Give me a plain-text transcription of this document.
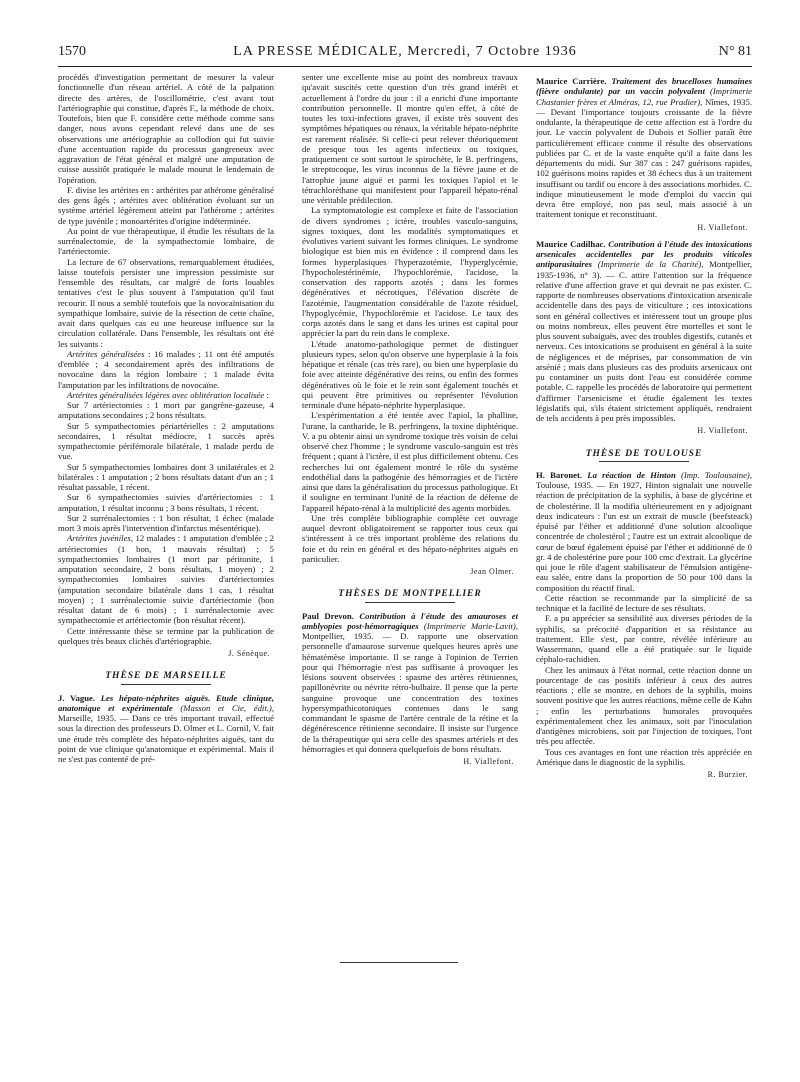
1570	LA PRESSE MÉDICALE, Mercredi, 7 Octobre 1936	N° 81

procédés d'investigation permettant de mesurer la valeur fonctionnelle d'un réseau artériel. A côté de la palpation directe des artères, de l'oscillométrie, c'est avant tout l'artériographie qui constitue, d'après F., la méthode de choix. Toutefois, bien que F. considère cette méthode comme sans danger, nous avons cependant relevé dans une de ses observations une artériographie au collodion qui fut suivie d'une accentuation rapide du processus gangreneux avec aggravation de l'état général et malgré une amputation de cuisse aussitôt pratiquée le malade mourut le lendemain de l'opération.

F. divise les artérites en : arthérites par athérome généralisé des gens âgés ; artérites avec oblitération évoluant sur un système artériel légèrement atteint par l'athérome ; artérites de type juvénile ; monoartérites d'origine indéterminée.

Au point de vue thérapeutique, il étudie les résultats de la surrénalectomie, de la sympathectomie lombaire, de l'artériectomie.

La lecture de 67 observations, remarquablement étudiées, laisse toutefois persister une impression pessimiste sur l'ensemble des résultats, car malgré de forts louables tentatives c'est le plus souvent à l'amputation qu'il faut recourir. Il nous a semblé toutefois que la novocaïnisation du sympathique lombaire, suivie de la résection de cette chaîne, avait dans quelques cas eu une heureuse influence sur la circulation collatérale. Dans l'ensemble, les résultats ont été les suivants :

Artérites généralisées : 16 malades ; 11 ont été amputés d'emblée ; 4 secondairement après des infiltrations de novocaïne dans la région lombaire ; 1 malade évita l'amputation par les infiltrations de novocaïne.

Artérites généralisées légères avec oblitération localisée :

Sur 7 artériectomies : 1 mort par gangrène-gazeuse, 4 amputations secondaires ; 2 bons résultats.

Sur 5 sympathectomies périartérielles : 2 amputations secondaires, 1 résultat médiocre, 1 succès après sympathectomie périfémorale bilatérale, 1 malade perdu de vue.

Sur 5 sympathectomies lombaires dont 3 unilatérales et 2 bilatérales : 1 amputation ; 2 bons résultats datant d'un an ; 1 résultat passable, 1 récent.

Sur 6 sympathectomies suivies d'artériectomies : 1 amputation, 1 résultat inconnu ; 3 bons résultats, 1 récent.

Sur 2 surrénalectomies : 1 bon résultat, 1 échec (malade mort 3 mois après l'intervention d'infarctus mésentérique).

Artérites juvéniles, 12 malades : 1 amputation d'emblée ; 2 artériectomies (1 bon, 1 mauvais résultat) ; 5 sympathectomies lombaires (1 mort par péritonite, 1 amputation secondaire, 2 bons résultats, 1 moyen) ; 2 sympathectomies lombaires suivies d'artériectomies (amputation secondaire bilatérale dans 1 cas, 1 résultat moyen) ; 1 surrénalectomie suivie d'artériectomie (bon résultat datant de 6 mois) ; 1 surrénalectomie avec sympathectomie et artériectomie (bon résultat récent).

Cette intéressante thèse se termine par la publication de quelques très beaux clichés d'artériographie.

J. Sénèque.
THÈSE DE MARSEILLE

J. Vague. Les hépato-néphrites aiguës. Etude clinique, anatomique et expérimentale (Masson et Cie, édit.), Marseille, 1935. — Dans ce très important travail, effectué sous la direction des professeurs D. Olmer et L. Cornil, V. fait une étude très complète des hépato-néphrites aiguës, tant du point de vue clinique qu'anatomique et expérimental. Mais il ne s'est pas contenté de pré-

senter une excellente mise au point des nombreux travaux qu'avait suscités cette question d'un très grand intérêt et actuellement à l'ordre du jour : il a enrichi d'une importante contribution personnelle. Il montre qu'en effet, à côté de toutes les toxi-infections graves, il existe très souvent des symptômes hépatiques ou rénaux, la véritable hépato-néphrite est rarement réalisée. Si celle-ci peut relever théoriquement de presque tous les agents infectieux ou toxiques, pratiquement ce sont surtout le spirochète, le B. perfringens, le streptocoque, les virus inconnus de la fièvre jaune et de l'atrophie jaune aiguë et parmi les toxiques l'apiol et le tétrachloréthane qui manifestent pour l'appareil hépato-rénal une véritable prédilection.

La symptomatologie est complexe et faite de l'association de divers syndromes ; ictère, troubles vasculo-sanguins, signes toxiques, dont les modalités symptomatiques et évolutives varient suivant les formes cliniques. Le syndrome biologique est bien mis en évidence : il comprend dans les formes hyperplasiques l'hyperazotémie, l'hyperglycémie, l'hypocholestérinémie, l'hypochlorémie, l'acidose, la conservation des rapports azotés ; dans les formes dégénératives et nécrotiques, l'élévation discrète de l'azotémie, l'augmentation considérable de l'azote résiduel, l'hypoglycémie, l'hypochlorémie et l'acidose. Le taux des corps azotés dans le sang et dans les urines est capital pour apprécier la part du rein dans le complexe.

L'étude anatomo-pathologique permet de distinguer plusieurs types, selon qu'on observe une hyperplasie à la fois hépatique et rénale (cas très rare), ou bien une hyperplasie du foie avec atteinte dégénérative des reins, ou enfin des formes dégénératives où le foie et le rein sont également touchés et qui peuvent être primitives ou représenter l'évolution terminale d'une hépato-néphrite hyperplasique.

L'expérimentation a été tentée avec l'apiol, la phalline, l'urane, la cantharide, le B. perfringens, la toxine diphtérique. V. a pu obtenir ainsi un syndrome toxique très voisin de celui observé chez l'homme ; le syndrome vasculo-sanguin est très fréquent ; quant à l'ictère, il est plus difficilement obtenu. Ces recherches lui ont également montré le rôle du système endothélial dans la pathogénie des hémorragies et de l'ictère ainsi que dans la généralisation du processus pathologique. Et il souligne en terminant l'unité de la réaction de défense de l'appareil hépato-rénal à la multiplicité des agents morbides.

Une très complète bibliographie complète cet ouvrage auquel devront obligatoirement se rapporter tous ceux qui s'intéressent à ce très important problème des relations du foie et du rein en général et des hépato-néphrites aiguës en particulier.

Jean Olmer.
THÈSES DE MONTPELLIER

Paul Drevon. Contribution à l'étude des amauroses et amblyopies post-hémorragiques (Imprimerie Marie-Lavit), Montpellier, 1935. — D. rapporte une observation personnelle d'amaurose survenue quelques heures après une hématémèse importante. Il se range à l'opinion de Terrien pour qui l'hémorragie n'est pas suffisante à provoquer les lésions souvent observées : spasme des artères rétiniennes, papillonévrite ou névrite rétro-bulbaire. Il pense que la perte sanguine provoque une concentration des toxines hypersympathicotoniques contenues dans le sang commandant le spasme de l'artère centrale de la rétine et la dégénérescence rétinienne secondaire. Il insiste sur l'urgence de la thérapeutique qui sera celle des spasmes artériels et des hémorragies et qui donnera quelquefois de bons résultats.

H. Viallefont.

Maurice Carrière. Traitement des brucelloses humaines (fièvre ondulante) par un vaccin polyvalent (Imprimerie Chastanier frères et Alméras, 12, rue Pradier), Nîmes, 1935. — Devant l'importance toujours croissante de la fièvre ondulante, la thérapeutique de cette affection est à l'ordre du jour. Le vaccin polyvalent de Dubois et Sollier paraît être particulièrement efficace comme il résulte des observations publiées par C. et de la vaste enquête qu'il a faite dans les départements du midi. Sur 387 cas : 247 guérisons rapides, 102 guérisons moins rapides et 38 échecs dus à un traitement insuffisant ou tardif ou encore à des associations morbides. C. indique minutieusement le mode d'emploi du vaccin qui devra être employé, non pas seul, mais associé à un traitement tonique et reconstituant.

H. Viallefont.

Maurice Cadilhac. Contribution à l'étude des intoxications arsenicales accidentelles par les produits viticoles antiparasitaires (Imprimerie de la Charité), Montpellier, 1935-1936, n° 3). — C. attire l'attention sur la fréquence relative d'une affection grave et qui devrait ne pas exister. C. rapporte de nombreuses observations d'intoxication arsenicale accidentelle dans des pays de viticulture ; ces intoxications sont en général collectives et intéressent tout un groupe plus ou moins nombreux, elles peuvent être mortelles et sont le plus souvent subaiguës, avec des troubles digestifs, cutanés et nerveux. Ces intoxications se produisent en général à la suite de négligences et de méprises, par consommation de vin arsénié ; mais dans plusieurs cas des produits arsenicaux ont pu contaminer un puits dont l'eau est considérée comme potable. C. rappelle les procédés de laboratoire qui permettent d'affirmer l'arsenicisme et étudie également les textes législatifs qui, s'ils étaient strictement appliqués, rendraient de tels accidents à peu près impossibles.

H. Viallefont.
THÈSE DE TOULOUSE

H. Baronet. La réaction de Hinton (Imp. Toulousaine), Toulouse, 1935. — En 1927, Hinton signalait une nouvelle réaction de précipitation de la syphilis, à base de glycérine et de cholestérine. Il la modifia ultérieurement en y adjoignant deux indicateurs : l'un est un extrait de muscle (beefsteack) épuisé par l'éther et additionné d'une solution alcoolique concentrée de cholestérol ; l'autre est un extrait alcoolique de cœur de bœuf également épuisé par l'éther et additionné de 0 gr. 4 de cholestérine pure pour 100 cmc d'extrait. La glycérine qui joue le rôle d'agent stabilisateur de l'émulsion antigène-eau salée, entre dans la proportion de 50 pour 100 dans la composition du réactif final.

Cette réaction se recommande par la simplicité de sa technique et la facilité de lecture de ses résultats.

F. a pu apprécier sa sensibilité aux diverses périodes de la syphilis, sa précocité d'apparition et sa résistance au traitement. Elle s'est, par contre, révélée inférieure au Wassermann, quand elle a été pratiquée sur le liquide céphalo-rachidien.

Chez les animaux à l'état normal, cette réaction donne un pourcentage de cas positifs inférieur à ceux des autres réactions ; elle se montre, en dehors de la syphilis, moins souvent positive que les autres réactions, même celle de Kahn ; enfin les perturbations humorales provoquées expérimentalement chez les animaux, soit par l'inoculation d'antigènes microbiens, soit par l'injection de toxiques, l'ont très peu affectée.

Tous ces avantages en font une réaction très appréciée en Amérique dans le diagnostic de la syphilis.

R. Burzier.
